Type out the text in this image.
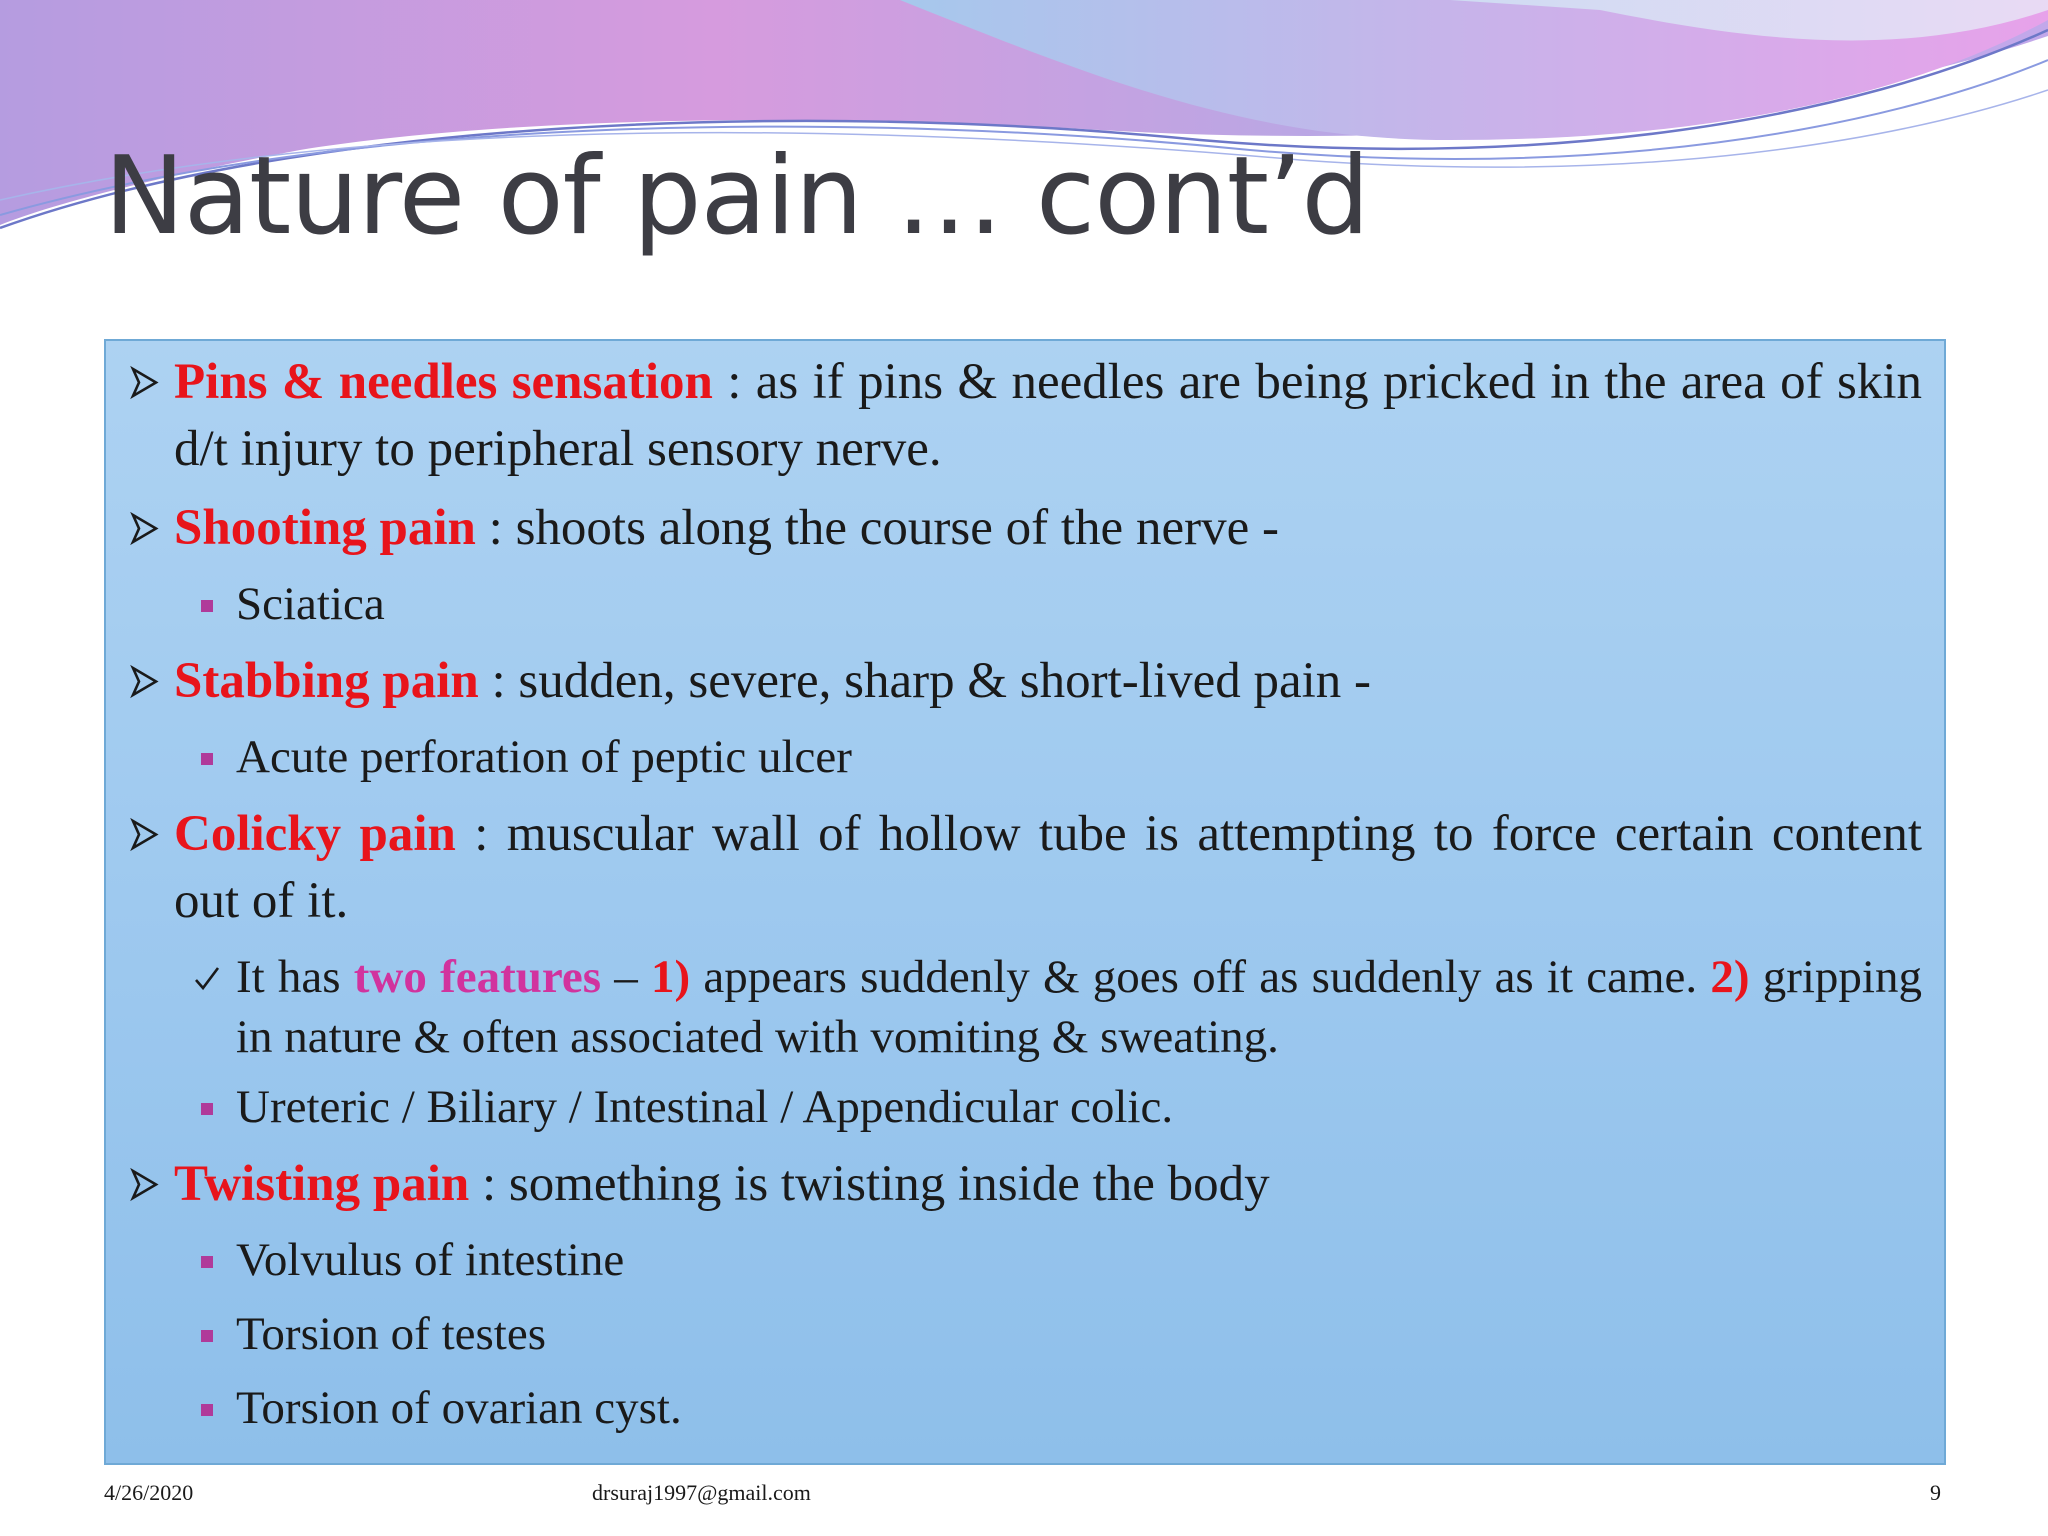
Nature of pain … cont’d
Pins & needles sensation : as if pins & needles are being pricked in the area of skin d/t injury to peripheral sensory nerve.
Shooting pain : shoots along the course of the nerve -
Sciatica
Stabbing pain : sudden, severe, sharp & short-lived pain -
Acute perforation of peptic ulcer
Colicky pain : muscular wall of hollow tube is attempting to force certain content out of it.
It has two features – 1) appears suddenly & goes off as suddenly as it came. 2) gripping in nature & often associated with vomiting & sweating.
Ureteric / Biliary / Intestinal / Appendicular colic.
Twisting pain : something is twisting inside the body
Volvulus of intestine
Torsion of testes
Torsion of ovarian cyst.
4/26/2020	drsuraj1997@gmail.com	9
